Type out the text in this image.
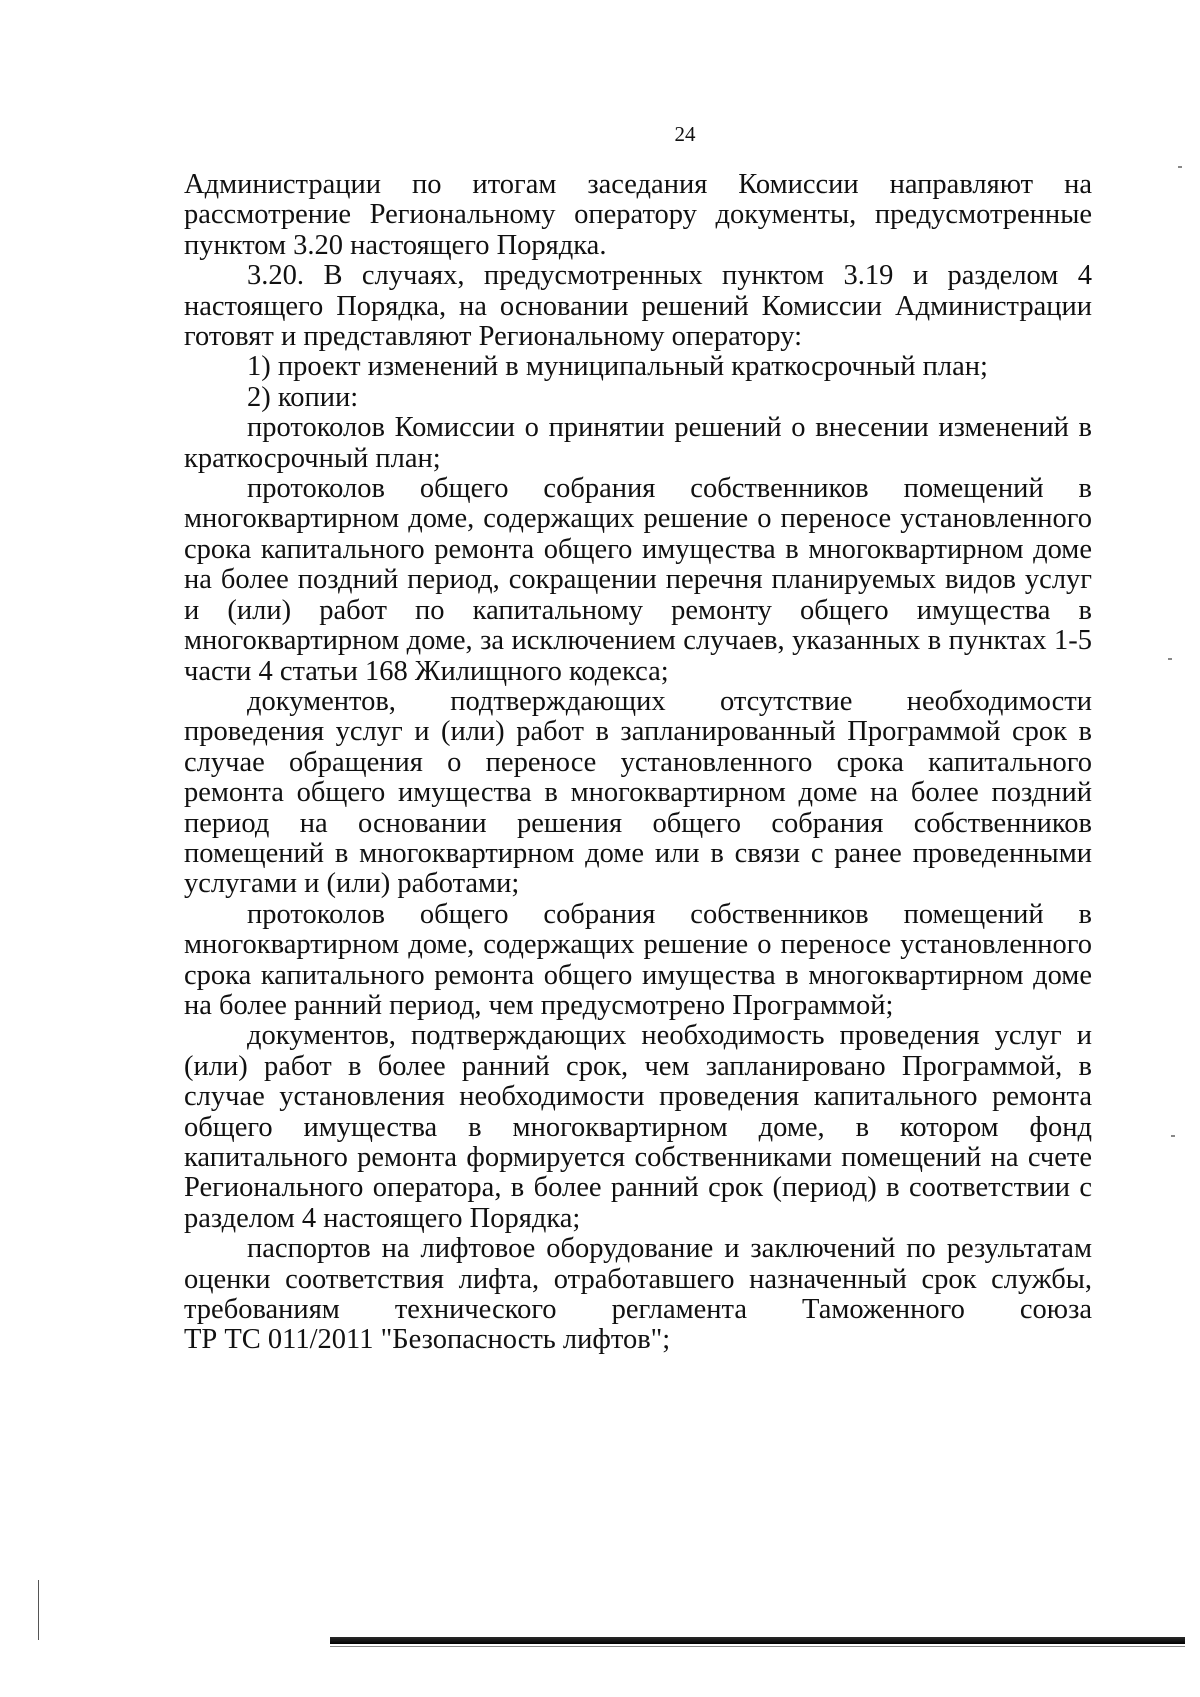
24

Администрации по итогам заседания Комиссии направляют на рассмотрение Региональному оператору документы, предусмотренные пунктом 3.20 настоящего Порядка.

3.20. В случаях, предусмотренных пунктом 3.19 и разделом 4 настоящего Порядка, на основании решений Комиссии Администрации готовят и представляют Региональному оператору:

1) проект изменений в муниципальный краткосрочный план;

2) копии:

протоколов Комиссии о принятии решений о внесении изменений в краткосрочный план;

протоколов общего собрания собственников помещений в многоквартирном доме, содержащих решение о переносе установленного срока капитального ремонта общего имущества в многоквартирном доме на более поздний период, сокращении перечня планируемых видов услуг и (или) работ по капитальному ремонту общего имущества в многоквартирном доме, за исключением случаев, указанных в пунктах 1-5 части 4 статьи 168 Жилищного кодекса;

документов, подтверждающих отсутствие необходимости проведения услуг и (или) работ в запланированный Программой срок в случае обращения о переносе установленного срока капитального ремонта общего имущества в многоквартирном доме на более поздний период на основании решения общего собрания собственников помещений в многоквартирном доме или в связи с ранее проведенными услугами и (или) работами;

протоколов общего собрания собственников помещений в многоквартирном доме, содержащих решение о переносе установленного срока капитального ремонта общего имущества в многоквартирном доме на более ранний период, чем предусмотрено Программой;

документов, подтверждающих необходимость проведения услуг и (или) работ в более ранний срок, чем запланировано Программой, в случае установления необходимости проведения капитального ремонта общего имущества в многоквартирном доме, в котором фонд капитального ремонта формируется собственниками помещений на счете Регионального оператора, в более ранний срок (период) в соответствии с разделом 4 настоящего Порядка;

паспортов на лифтовое оборудование и заключений по результатам оценки соответствия лифта, отработавшего назначенный срок службы, требованиям технического регламента Таможенного союза

ТР ТС 011/2011 "Безопасность лифтов";
